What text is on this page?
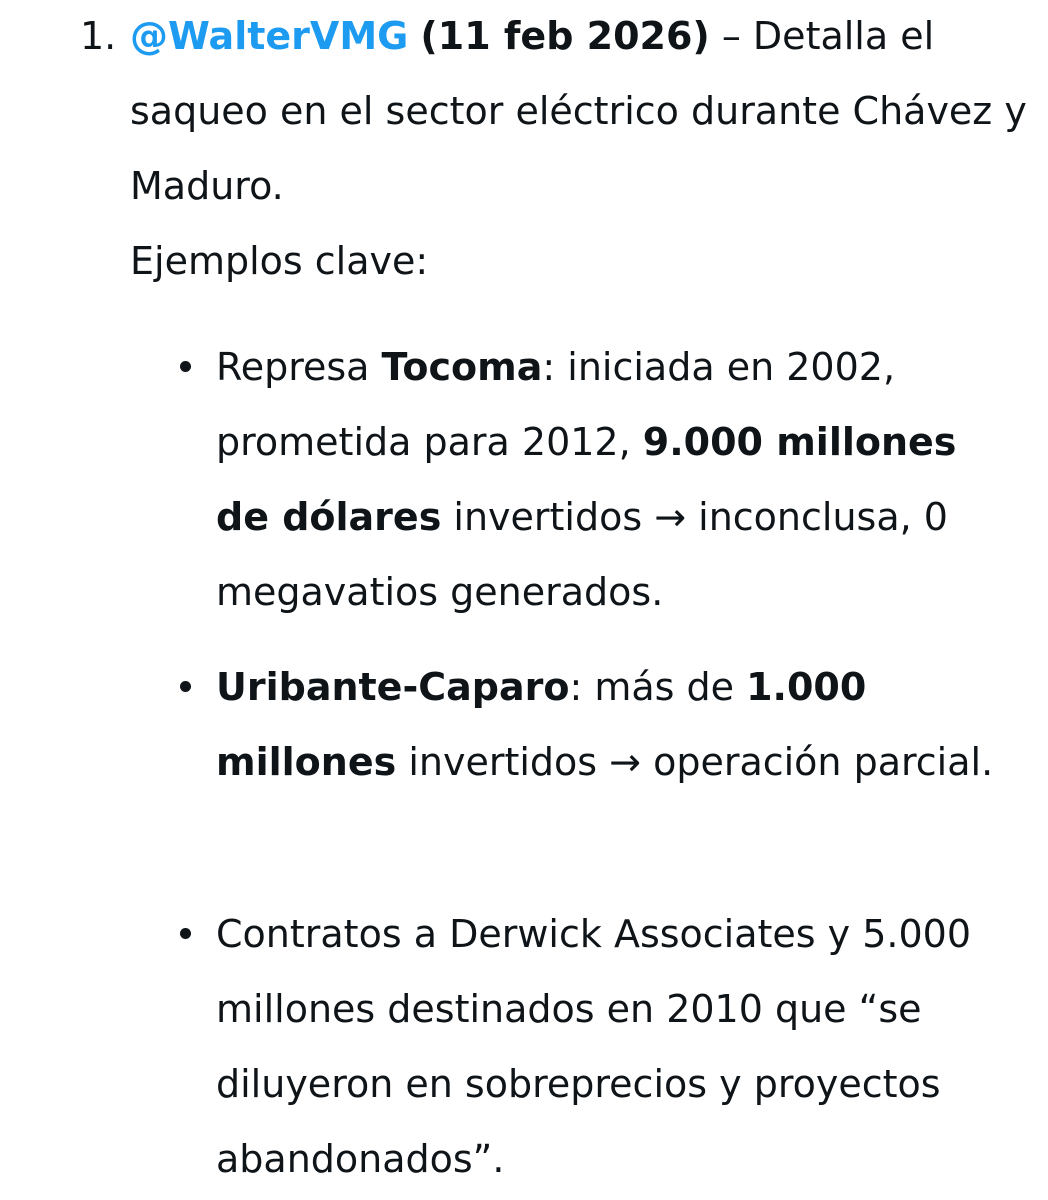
1. @WalterVMG (11 feb 2026) – Detalla el saqueo en el sector eléctrico durante Chávez y Maduro.

Ejemplos clave:

Represa Tocoma: iniciada en 2002, prometida para 2012, 9.000 millones de dólares invertidos → inconclusa, 0 megavatios generados.
Uribante-Caparo: más de 1.000 millones invertidos → operación parcial.
Contratos a Derwick Associates y 5.000 millones destinados en 2010 que “se diluyeron en sobreprecios y proyectos abandonados”.
